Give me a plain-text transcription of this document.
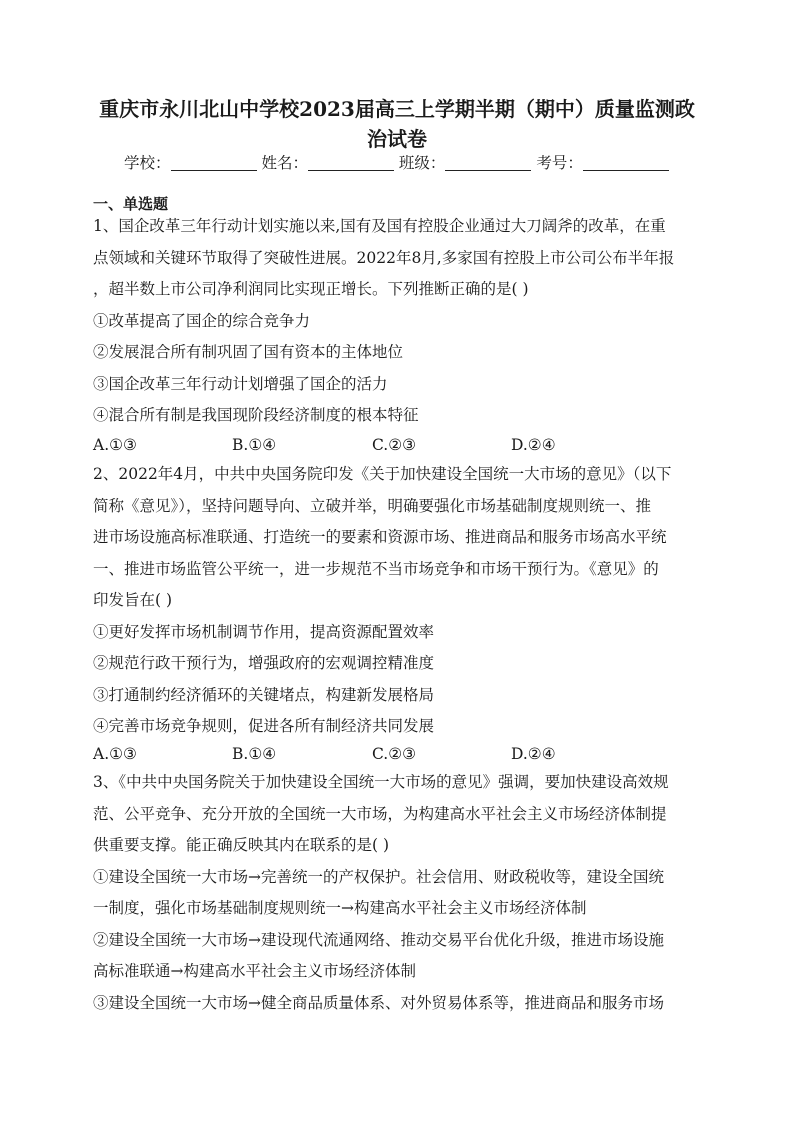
重庆市永川北山中学校2023届高三上学期半期（期中）质量监测政
治试卷
学校：	姓名：	班级：	考号：
一、单选题
1、国企改革三年行动计划实施以来,国有及国有控股企业通过大刀阔斧的改革，在重
点领域和关键环节取得了突破性进展。2022年8月,多家国有控股上市公司公布半年报
，超半数上市公司净利润同比实现正增长。下列推断正确的是( )
①改革提高了国企的综合竞争力
②发展混合所有制巩固了国有资本的主体地位
③国企改革三年行动计划增强了国企的活力
④混合所有制是我国现阶段经济制度的根本特征
A.①③	B.①④	C.②③	D.②④
2、2022年4月，中共中央国务院印发《关于加快建设全国统一大市场的意见》（以下
简称《意见》），坚持问题导向、立破并举，明确要强化市场基础制度规则统一、推
进市场设施高标准联通、打造统一的要素和资源市场、推进商品和服务市场高水平统
一、推进市场监管公平统一，进一步规范不当市场竞争和市场干预行为。《意见》的
印发旨在( )
①更好发挥市场机制调节作用，提高资源配置效率
②规范行政干预行为，增强政府的宏观调控精准度
③打通制约经济循环的关键堵点，构建新发展格局
④完善市场竞争规则，促进各所有制经济共同发展
A.①③	B.①④	C.②③	D.②④
3、《中共中央国务院关于加快建设全国统一大市场的意见》强调，要加快建设高效规
范、公平竞争、充分开放的全国统一大市场，为构建高水平社会主义市场经济体制提
供重要支撑。能正确反映其内在联系的是( )
①建设全国统一大市场→完善统一的产权保护。社会信用、财政税收等，建设全国统
一制度，强化市场基础制度规则统一→构建高水平社会主义市场经济体制
②建设全国统一大市场→建设现代流通网络、推动交易平台优化升级，推进市场设施
高标准联通→构建高水平社会主义市场经济体制
③建设全国统一大市场→健全商品质量体系、对外贸易体系等，推进商品和服务市场
